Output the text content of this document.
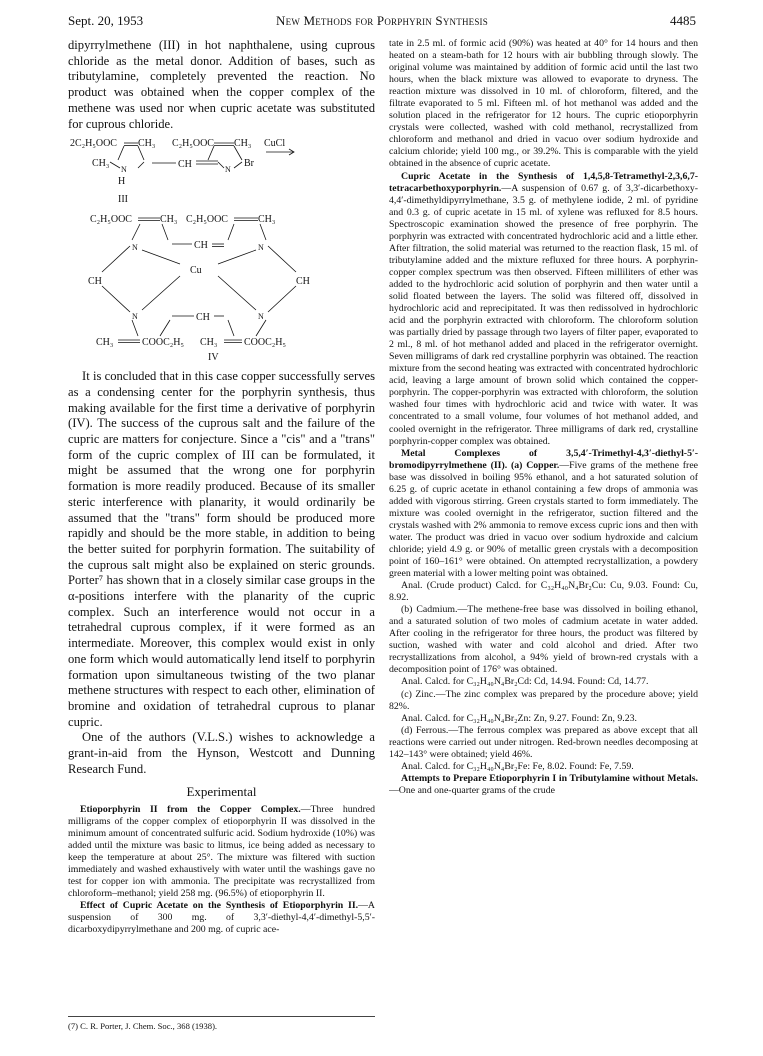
Sept. 20, 1953	New Methods for Porphyrin Synthesis	4485

dipyrrylmethene (III) in hot naphthalene, using cuprous chloride as the metal donor. Addition of bases, such as tributylamine, completely prevented the reaction. No product was obtained when the copper complex of the methene was used nor when cupric acetate was substituted for cuprous chloride.

2C₂H₅OOC CH₃ C₂H₅OOC CH₃ CuCl
CH₃
N	CH	N
Br
H
III
C₂H₅OOC	CH₃ C₂H₅OOC	CH₃
N	CH	N
Cu
CH	CH
N	CH	N
CH₃	COOC₂H₅ CH₃	COOC₂H₅
IV

It is concluded that in this case copper successfully serves as a condensing center for the porphyrin synthesis, thus making available for the first time a derivative of porphyrin (IV). The success of the cuprous salt and the failure of the cupric are matters for conjecture. Since a "cis" and a "trans" form of the cupric complex of III can be formulated, it might be assumed that the wrong one for porphyrin formation is more readily produced. Because of its smaller steric interference with planarity, it would ordinarily be assumed that the "trans" form should be produced more rapidly and should be the more stable, in addition to being the better suited for porphyrin formation. The suitability of the cuprous salt might also be explained on steric grounds. Porter⁷ has shown that in a closely similar case groups in the α-positions interfere with the planarity of the cupric complex. Such an interference would not occur in a tetrahedral cuprous complex, if it were formed as an intermediate. Moreover, this complex would exist in only one form which would automatically lend itself to porphyrin formation upon simultaneous twisting of the two planar methene structures with respect to each other, elimination of bromine and oxidation of tetrahedral cuprous to planar cupric.

One of the authors (V.L.S.) wishes to acknowledge a grant-in-aid from the Hynson, Westcott and Dunning Research Fund.

Experimental

Etioporphyrin II from the Copper Complex.—Three hundred milligrams of the copper complex of etioporphyrin II was dissolved in the minimum amount of concentrated sulfuric acid. Sodium hydroxide (10%) was added until the mixture was basic to litmus, ice being added as necessary to keep the temperature at about 25°. The mixture was filtered with suction immediately and washed exhaustively with water until the washings gave no test for copper ion with ammonia. The precipitate was recrystallized from chloroform–methanol; yield 258 mg. (96.5%) of etioporphyrin II.

Effect of Cupric Acetate on the Synthesis of Etioporphyrin II.—A suspension of 300 mg. of 3,3′-diethyl-4,4′-dimethyl-5,5′-dicarboxydipyrrylmethane and 200 mg. of cupric ace-

(7) C. R. Porter, J. Chem. Soc., 368 (1938).

tate in 2.5 ml. of formic acid (90%) was heated at 40° for 14 hours and then heated on a steam-bath for 12 hours with air bubbling through slowly. The original volume was maintained by addition of formic acid until the last two hours, when the black mixture was allowed to evaporate to dryness. The reaction mixture was dissolved in 10 ml. of chloroform, filtered, and the filtrate evaporated to 5 ml. Fifteen ml. of hot methanol was added and the solution placed in the refrigerator for 12 hours. The cupric etioporphyrin crystals were collected, washed with cold methanol, recrystallized from chloroform and methanol and dried in vacuo over sodium hydroxide and calcium chloride; yield 100 mg., or 39.2%. This is comparable with the yield obtained in the absence of cupric acetate.

Cupric Acetate in the Synthesis of 1,4,5,8-Tetramethyl-2,3,6,7-tetracarbethoxyporphyrin.—A suspension of 0.67 g. of 3,3′-dicarbethoxy-4,4′-dimethyldipyrrylmethane, 3.5 g. of methylene iodide, 2 ml. of pyridine and 0.3 g. of cupric acetate in 15 ml. of xylene was refluxed for 8.5 hours. Spectroscopic examination showed the presence of free porphyrin. The porphyrin was extracted with concentrated hydrochloric acid and a little ether. After filtration, the solid material was returned to the reaction flask, 15 ml. of tributylamine added and the mixture refluxed for three hours. A porphyrin-copper complex spectrum was then observed. Fifteen milliliters of ether was added to the hydrochloric acid solution of porphyrin and then water until a solid floated between the layers. The solid was filtered off, dissolved in hydrochloric acid and reprecipitated. It was then redissolved in hydrochloric acid and the porphyrin extracted with chloroform. The chloroform solution was partially dried by passage through two layers of filter paper, evaporated to 2 ml., 8 ml. of hot methanol added and placed in the refrigerator overnight. Seven milligrams of dark red crystalline porphyrin was obtained. The reaction mixture from the second heating was extracted with concentrated hydrochloric acid, leaving a large amount of brown solid which contained the copper-porphyrin. The copper-porphyrin was extracted with chloroform, the solution washed four times with hydrochloric acid and twice with water. It was concentrated to a small volume, four volumes of hot methanol added, and cooled overnight in the refrigerator. Three milligrams of dark red, crystalline porphyrin-copper complex was obtained.

Metal Complexes of 3,5,4′-Trimethyl-4,3′-diethyl-5′-bromodipyrrylmethene (II). (a) Copper.—Five grams of the methene free base was dissolved in boiling 95% ethanol, and a hot saturated solution of 6.25 g. of cupric acetate in ethanol containing a few drops of ammonia was added with vigorous stirring. Green crystals started to form immediately. The mixture was cooled overnight in the refrigerator, suction filtered and the crystals washed with 2% ammonia to remove excess cupric ions and then with water. The product was dried in vacuo over sodium hydroxide and calcium chloride; yield 4.9 g. or 90% of metallic green crystals with a decomposition point of 160–161° were obtained. On attempted recrystallization, a powdery green material with a lower melting point was obtained.

Anal. (Crude product) Calcd. for C₃₂H₄₀N₄Br₂Cu: Cu, 9.03. Found: Cu, 8.92.

(b) Cadmium.—The methene-free base was dissolved in boiling ethanol, and a saturated solution of two moles of cadmium acetate in water added. After cooling in the refrigerator for three hours, the product was filtered by suction, washed with water and cold alcohol and dried. After two recrystallizations from alcohol, a 94% yield of brown-red crystals with a decomposition point of 176° was obtained.

Anal. Calcd. for C₃₂H₄₀N₄Br₂Cd: Cd, 14.94. Found: Cd, 14.77.

(c) Zinc.—The zinc complex was prepared by the procedure above; yield 82%.

Anal. Calcd. for C₃₂H₄₀N₄Br₂Zn: Zn, 9.27. Found: Zn, 9.23.

(d) Ferrous.—The ferrous complex was prepared as above except that all reactions were carried out under nitrogen. Red-brown needles decomposing at 142–143° were obtained; yield 46%.

Anal. Calcd. for C₃₂H₄₀N₄Br₂Fe: Fe, 8.02. Found: Fe, 7.59.

Attempts to Prepare Etioporphyrin I in Tributylamine without Metals.—One and one-quarter grams of the crude
